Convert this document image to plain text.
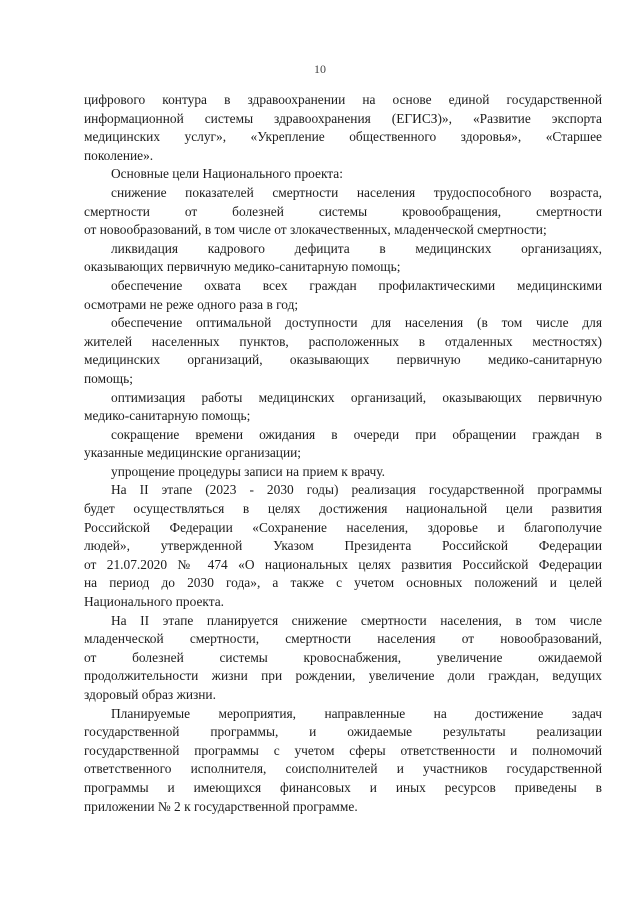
10
цифрового контура в здравоохранении на основе единой государственной
информационной системы здравоохранения (ЕГИСЗ)», «Развитие экспорта
медицинских услуг», «Укрепление общественного здоровья», «Старшее
поколение».
Основные цели Национального проекта:
снижение показателей смертности населения трудоспособного возраста,
смертности от болезней системы кровообращения, смертности
от новообразований, в том числе от злокачественных, младенческой смертности;
ликвидация кадрового дефицита в медицинских организациях,
оказывающих первичную медико-санитарную помощь;
обеспечение охвата всех граждан профилактическими медицинскими
осмотрами не реже одного раза в год;
обеспечение оптимальной доступности для населения (в том числе для
жителей населенных пунктов, расположенных в отдаленных местностях)
медицинских организаций, оказывающих первичную медико-санитарную
помощь;
оптимизация работы медицинских организаций, оказывающих первичную
медико-санитарную помощь;
сокращение времени ожидания в очереди при обращении граждан в
указанные медицинские организации;
упрощение процедуры записи на прием к врачу.
На II этапе (2023 - 2030 годы) реализация государственной программы
будет осуществляться в целях достижения национальной цели развития
Российской Федерации «Сохранение населения, здоровье и благополучие
людей», утвержденной Указом Президента Российской Федерации
от 21.07.2020 № 474 «О национальных целях развития Российской Федерации
на период до 2030 года», а также с учетом основных положений и целей
Национального проекта.
На II этапе планируется снижение смертности населения, в том числе
младенческой смертности, смертности населения от новообразований,
от болезней системы кровоснабжения, увеличение ожидаемой
продолжительности жизни при рождении, увеличение доли граждан, ведущих
здоровый образ жизни.
Планируемые мероприятия, направленные на достижение задач
государственной программы, и ожидаемые результаты реализации
государственной программы с учетом сферы ответственности и полномочий
ответственного исполнителя, соисполнителей и участников государственной
программы и имеющихся финансовых и иных ресурсов приведены в
приложении № 2 к государственной программе.
